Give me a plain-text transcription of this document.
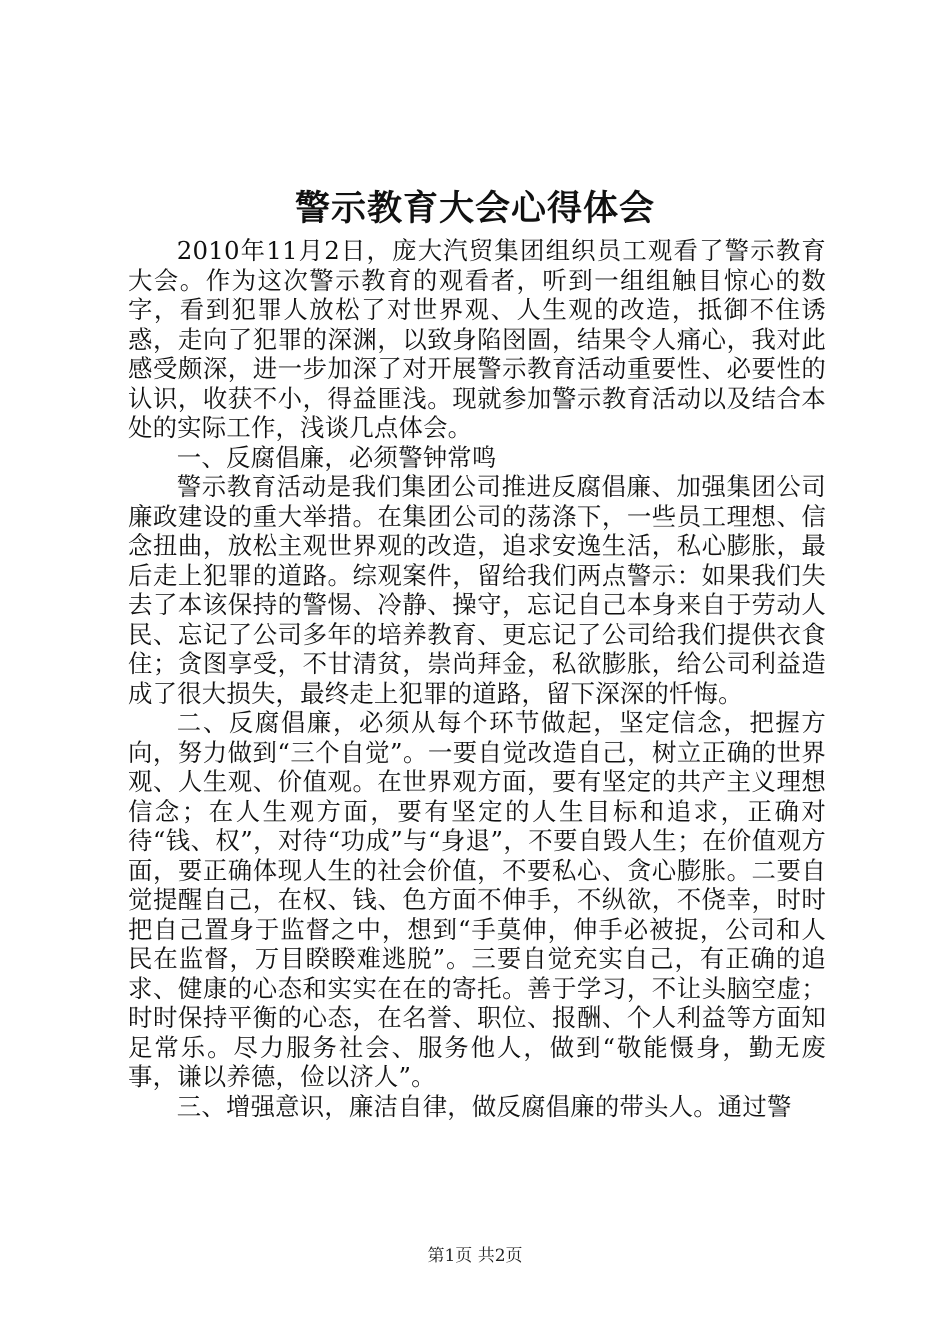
警示教育大会心得体会

2010年11月2日，庞大汽贸集团组织员工观看了警示教育大会。作为这次警示教育的观看者，听到一组组触目惊心的数字，看到犯罪人放松了对世界观、人生观的改造，抵御不住诱惑，走向了犯罪的深渊，以致身陷囹圄，结果令人痛心，我对此感受颇深，进一步加深了对开展警示教育活动重要性、必要性的认识，收获不小，得益匪浅。现就参加警示教育活动以及结合本处的实际工作，浅谈几点体会。

一、反腐倡廉，必须警钟常鸣

警示教育活动是我们集团公司推进反腐倡廉、加强集团公司廉政建设的重大举措。在集团公司的荡涤下，一些员工理想、信念扭曲，放松主观世界观的改造，追求安逸生活，私心膨胀，最后走上犯罪的道路。综观案件，留给我们两点警示：如果我们失去了本该保持的警惕、冷静、操守，忘记自己本身来自于劳动人民、忘记了公司多年的培养教育、更忘记了公司给我们提供衣食住；贪图享受，不甘清贫，崇尚拜金，私欲膨胀，给公司利益造成了很大损失，最终走上犯罪的道路，留下深深的忏悔。

二、反腐倡廉，必须从每个环节做起，坚定信念，把握方向，努力做到“三个自觉”。一要自觉改造自己，树立正确的世界观、人生观、价值观。在世界观方面，要有坚定的共产主义理想信念；在人生观方面，要有坚定的人生目标和追求，正确对待“钱、权”，对待“功成”与“身退”，不要自毁人生；在价值观方面，要正确体现人生的社会价值，不要私心、贪心膨胀。二要自觉提醒自己，在权、钱、色方面不伸手，不纵欲，不侥幸，时时把自己置身于监督之中，想到“手莫伸，伸手必被捉，公司和人民在监督，万目睽睽难逃脱”。三要自觉充实自己，有正确的追求、健康的心态和实实在在的寄托。善于学习，不让头脑空虚；时时保持平衡的心态，在名誉、职位、报酬、个人利益等方面知足常乐。尽力服务社会、服务他人，做到“敬能慑身，勤无废事，谦以养德，俭以济人”。

三、增强意识，廉洁自律，做反腐倡廉的带头人。通过警

第1页 共2页
